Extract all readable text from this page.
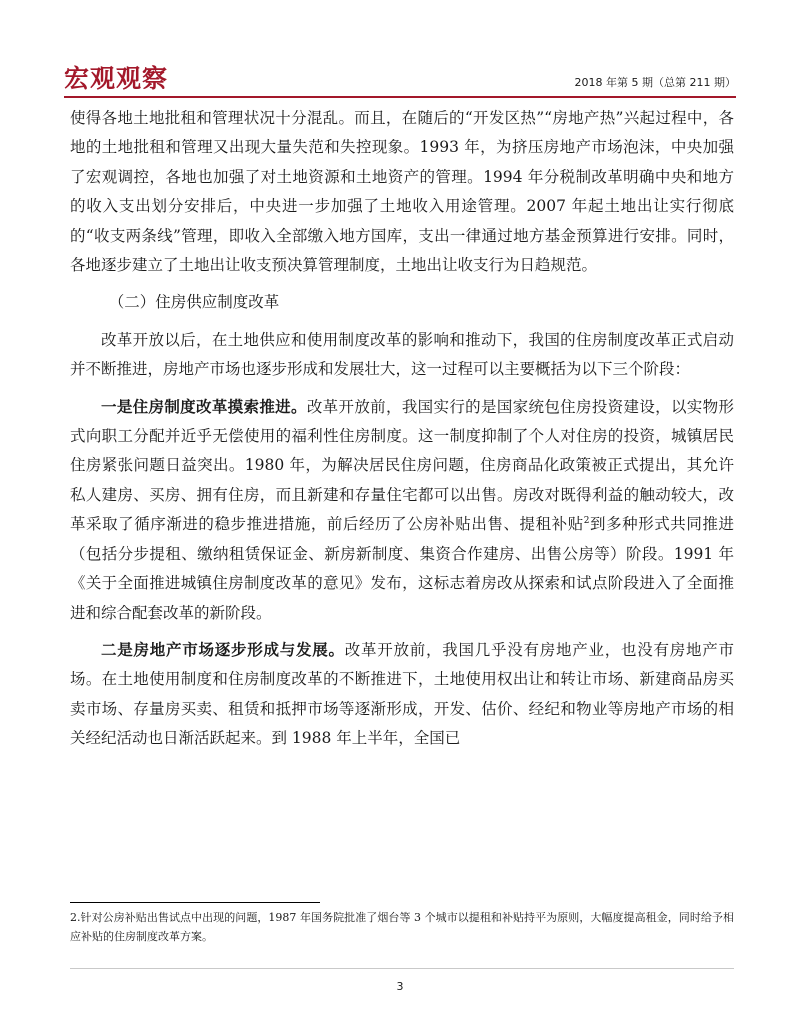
宏观观察	2018 年第 5 期（总第 211 期）

使得各地土地批租和管理状况十分混乱。而且，在随后的“开发区热”“房地产热”兴起过程中，各地的土地批租和管理又出现大量失范和失控现象。1993 年，为挤压房地产市场泡沫，中央加强了宏观调控，各地也加强了对土地资源和土地资产的管理。1994 年分税制改革明确中央和地方的收入支出划分安排后，中央进一步加强了土地收入用途管理。2007 年起土地出让实行彻底的“收支两条线”管理，即收入全部缴入地方国库，支出一律通过地方基金预算进行安排。同时，各地逐步建立了土地出让收支预决算管理制度，土地出让收支行为日趋规范。

（二）住房供应制度改革

改革开放以后，在土地供应和使用制度改革的影响和推动下，我国的住房制度改革正式启动并不断推进，房地产市场也逐步形成和发展壮大，这一过程可以主要概括为以下三个阶段：

一是住房制度改革摸索推进。改革开放前，我国实行的是国家统包住房投资建设，以实物形式向职工分配并近乎无偿使用的福利性住房制度。这一制度抑制了个人对住房的投资，城镇居民住房紧张问题日益突出。1980 年，为解决居民住房问题，住房商品化政策被正式提出，其允许私人建房、买房、拥有住房，而且新建和存量住宅都可以出售。房改对既得利益的触动较大，改革采取了循序渐进的稳步推进措施，前后经历了公房补贴出售、提租补贴$^2$到多种形式共同推进（包括分步提租、缴纳租赁保证金、新房新制度、集资合作建房、出售公房等）阶段。1991 年《关于全面推进城镇住房制度改革的意见》发布，这标志着房改从探索和试点阶段进入了全面推进和综合配套改革的新阶段。

二是房地产市场逐步形成与发展。改革开放前，我国几乎没有房地产业，也没有房地产市场。在土地使用制度和住房制度改革的不断推进下，土地使用权出让和转让市场、新建商品房买卖市场、存量房买卖、租赁和抵押市场等逐渐形成，开发、估价、经纪和物业等房地产市场的相关经纪活动也日渐活跃起来。到 1988 年上半年，全国已

2.针对公房补贴出售试点中出现的问题，1987 年国务院批准了烟台等 3 个城市以提租和补贴持平为原则，大幅度提高租金，同时给予相应补贴的住房制度改革方案。
3
